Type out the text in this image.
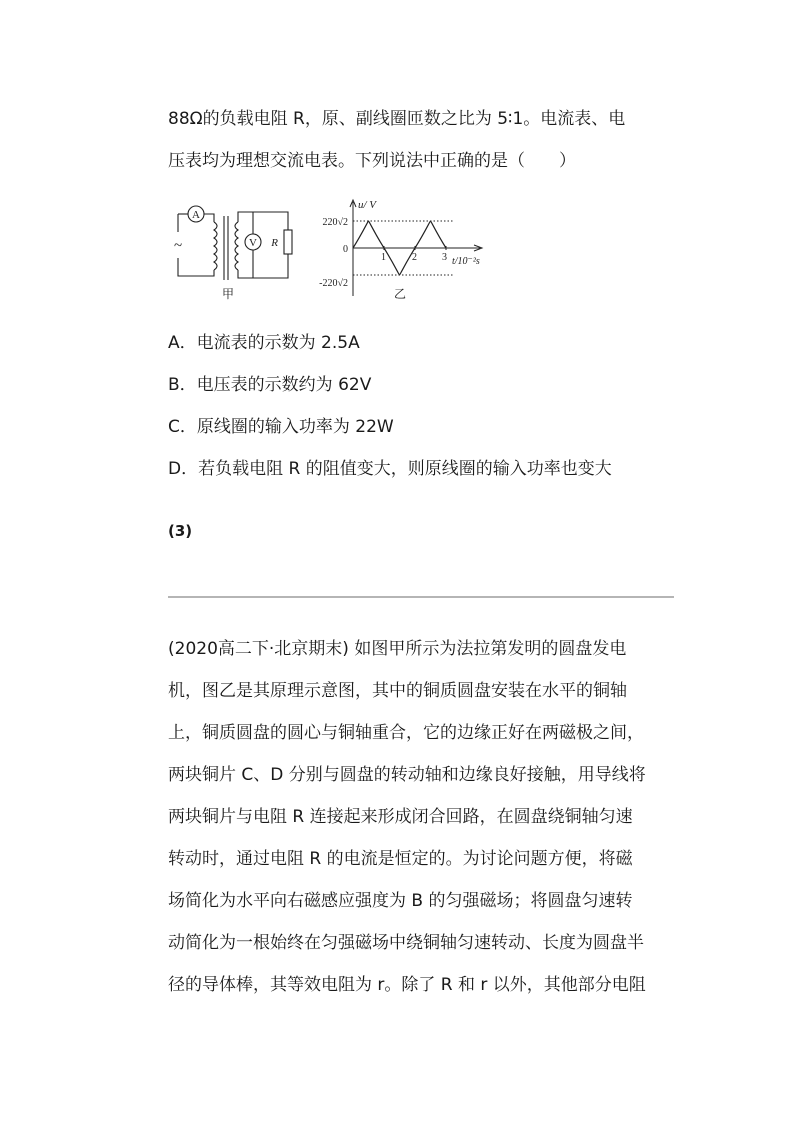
88Ω的负载电阻 R，原、副线圈匝数之比为 5∶1。电流表、电
压表均为理想交流电表。下列说法中正确的是（　　）
A
~	V R
甲
u/ V
220√2
0
-220√2
1	2	3 t/10⁻²s
乙
A．电流表的示数为 2.5A
B．电压表的示数约为 62V
C．原线圈的输入功率为 22W
D．若负载电阻 R 的阻值变大，则原线圈的输入功率也变大
(3)
(2020高二下·北京期末) 如图甲所示为法拉第发明的圆盘发电
机，图乙是其原理示意图，其中的铜质圆盘安装在水平的铜轴
上，铜质圆盘的圆心与铜轴重合，它的边缘正好在两磁极之间，
两块铜片 C、D 分别与圆盘的转动轴和边缘良好接触，用导线将
两块铜片与电阻 R 连接起来形成闭合回路，在圆盘绕铜轴匀速
转动时，通过电阻 R 的电流是恒定的。为讨论问题方便，将磁
场简化为水平向右磁感应强度为 B 的匀强磁场；将圆盘匀速转
动简化为一根始终在匀强磁场中绕铜轴匀速转动、长度为圆盘半
径的导体棒，其等效电阻为 r。除了 R 和 r 以外，其他部分电阻
